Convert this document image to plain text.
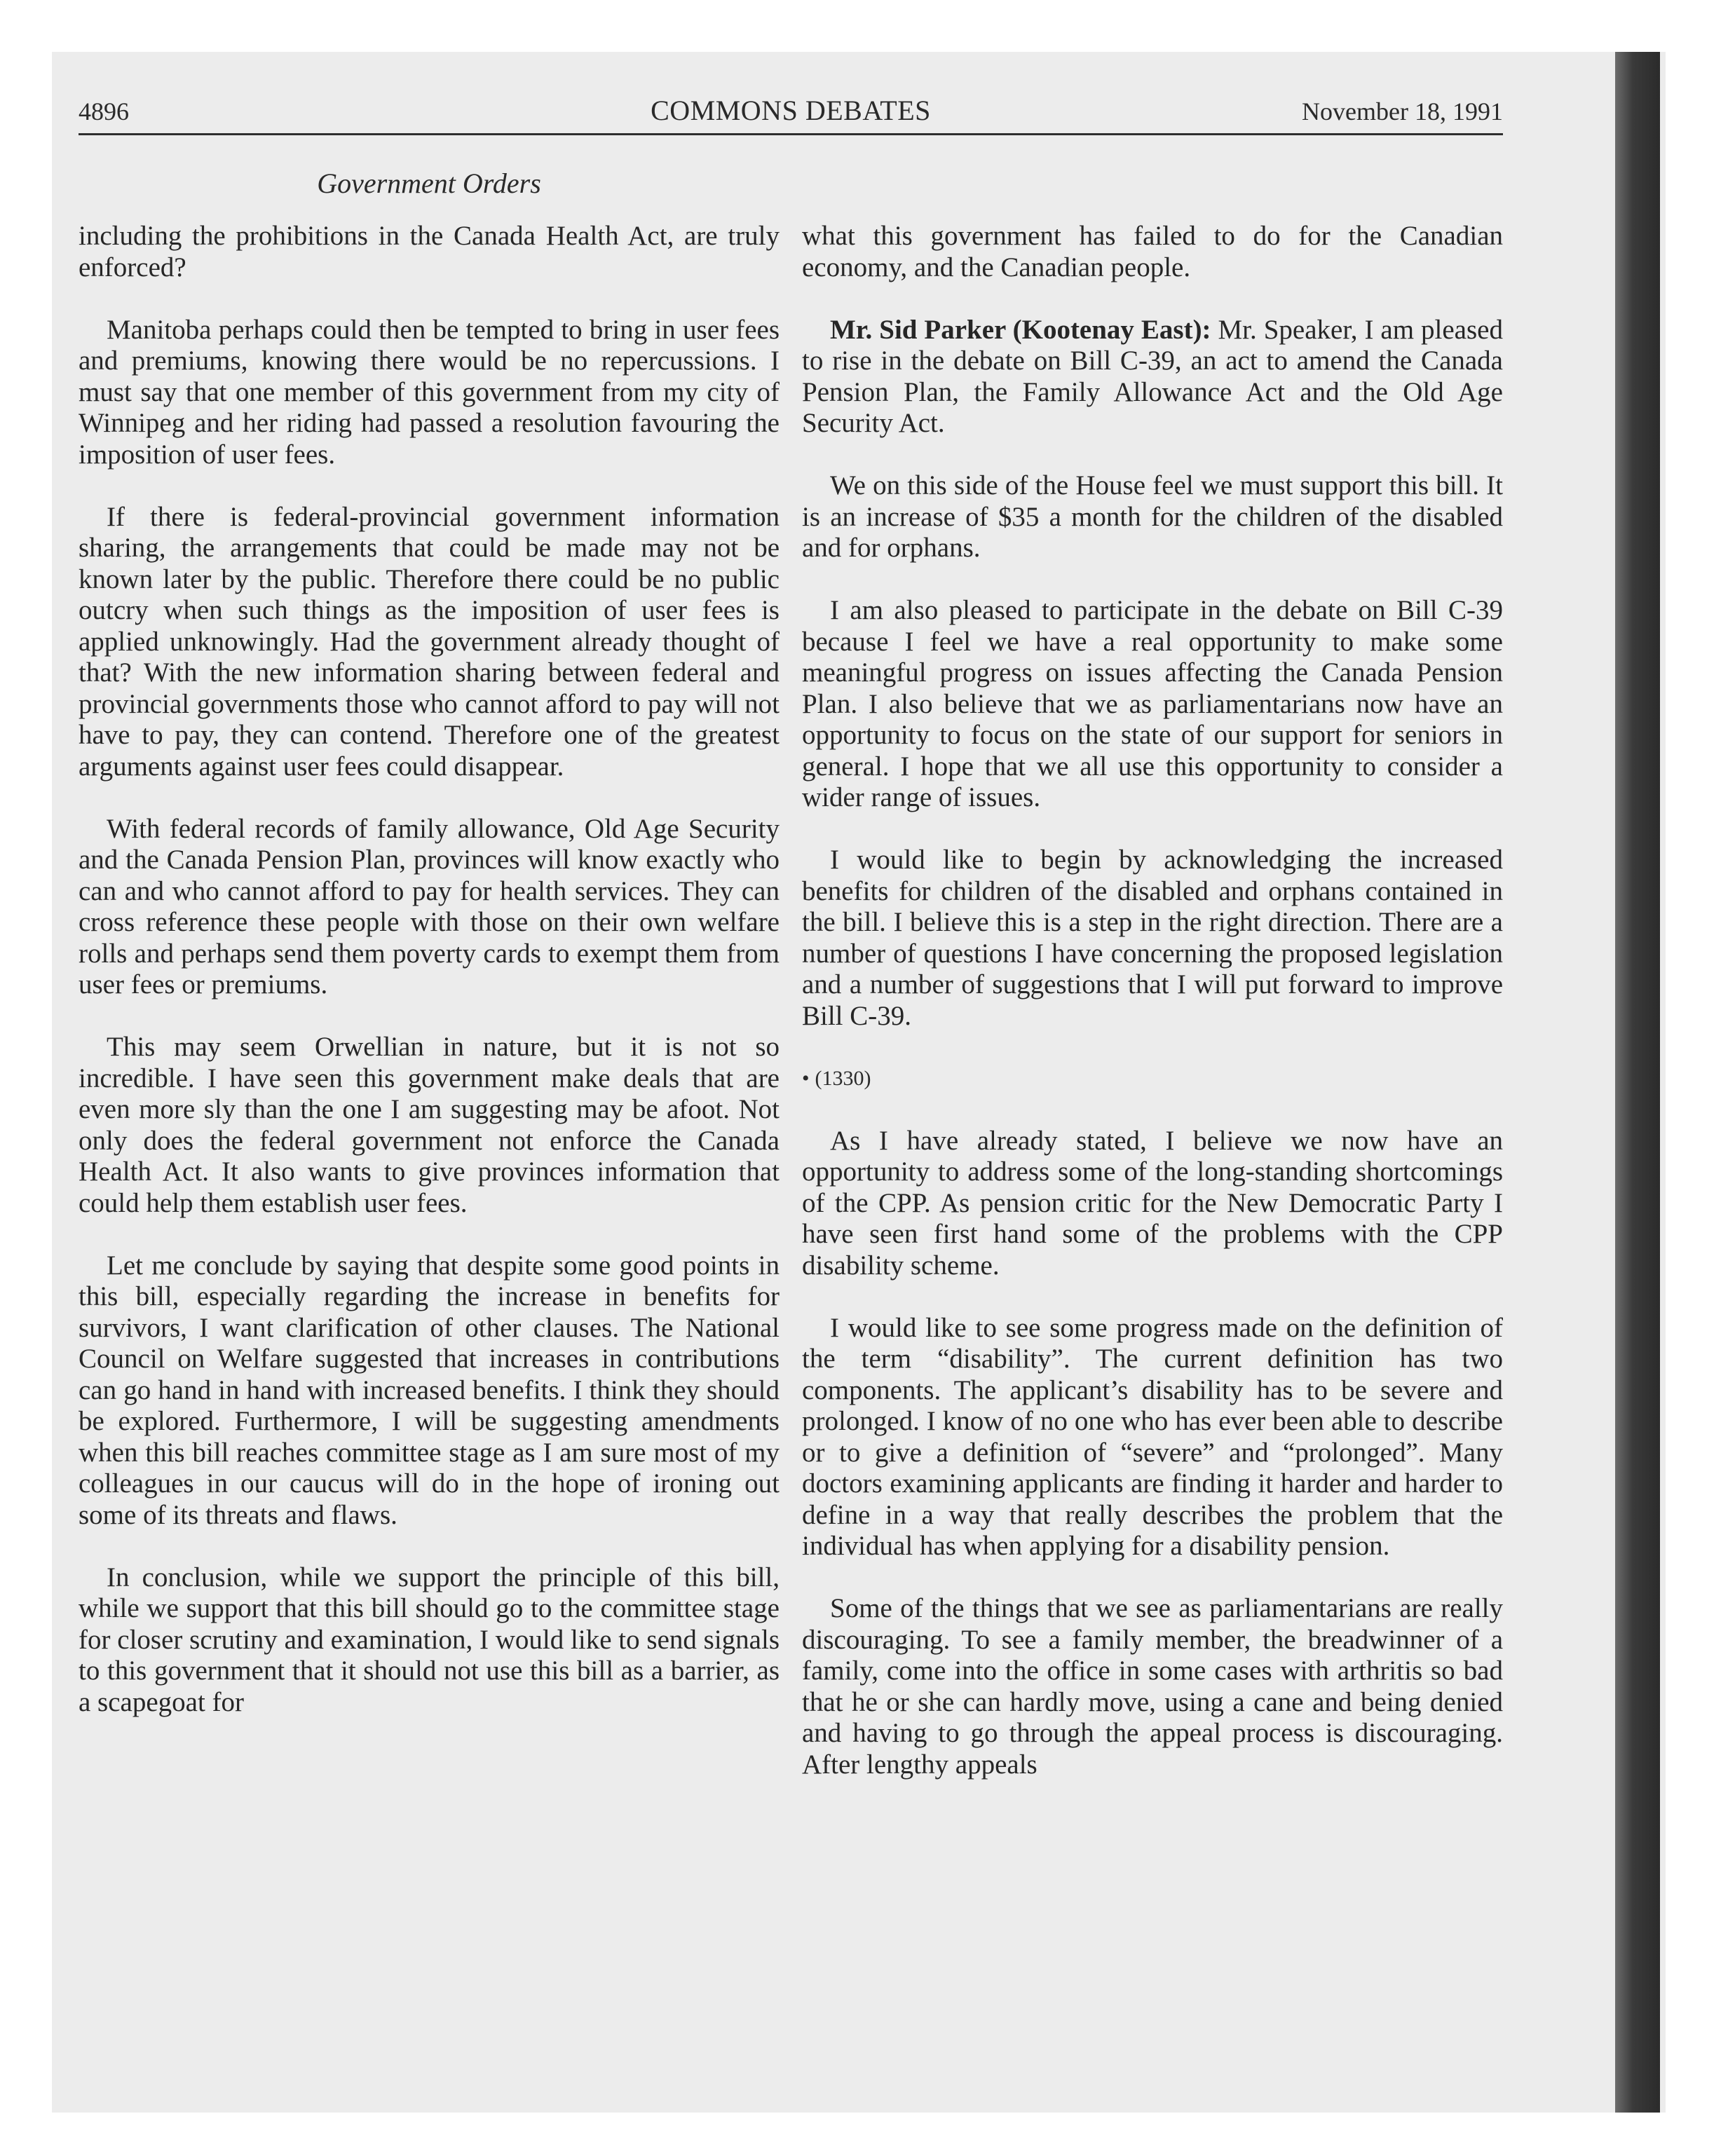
4896	COMMONS DEBATES	November 18, 1991
Government Orders

including the prohibitions in the Canada Health Act, are truly enforced?

Manitoba perhaps could then be tempted to bring in user fees and premiums, knowing there would be no repercussions. I must say that one member of this government from my city of Winnipeg and her riding had passed a resolution favouring the imposition of user fees.

If there is federal-provincial government information sharing, the arrangements that could be made may not be known later by the public. Therefore there could be no public outcry when such things as the imposition of user fees is applied unknowingly. Had the government already thought of that? With the new information sharing between federal and provincial governments those who cannot afford to pay will not have to pay, they can contend. Therefore one of the greatest arguments against user fees could disappear.

With federal records of family allowance, Old Age Security and the Canada Pension Plan, provinces will know exactly who can and who cannot afford to pay for health services. They can cross reference these people with those on their own welfare rolls and perhaps send them poverty cards to exempt them from user fees or premiums.

This may seem Orwellian in nature, but it is not so incredible. I have seen this government make deals that are even more sly than the one I am suggesting may be afoot. Not only does the federal government not enforce the Canada Health Act. It also wants to give provinces information that could help them establish user fees.

Let me conclude by saying that despite some good points in this bill, especially regarding the increase in benefits for survivors, I want clarification of other clauses. The National Council on Welfare suggested that increases in contributions can go hand in hand with increased benefits. I think they should be explored. Furthermore, I will be suggesting amendments when this bill reaches committee stage as I am sure most of my colleagues in our caucus will do in the hope of ironing out some of its threats and flaws.

In conclusion, while we support the principle of this bill, while we support that this bill should go to the committee stage for closer scrutiny and examination, I would like to send signals to this government that it should not use this bill as a barrier, as a scapegoat for

what this government has failed to do for the Canadian economy, and the Canadian people.

Mr. Sid Parker (Kootenay East): Mr. Speaker, I am pleased to rise in the debate on Bill C-39, an act to amend the Canada Pension Plan, the Family Allowance Act and the Old Age Security Act.

We on this side of the House feel we must support this bill. It is an increase of $35 a month for the children of the disabled and for orphans.

I am also pleased to participate in the debate on Bill C-39 because I feel we have a real opportunity to make some meaningful progress on issues affecting the Canada Pension Plan. I also believe that we as parliamentarians now have an opportunity to focus on the state of our support for seniors in general. I hope that we all use this opportunity to consider a wider range of issues.

I would like to begin by acknowledging the increased benefits for children of the disabled and orphans contained in the bill. I believe this is a step in the right direction. There are a number of questions I have concerning the proposed legislation and a number of suggestions that I will put forward to improve Bill C-39.

• (1330)

As I have already stated, I believe we now have an opportunity to address some of the long-standing shortcomings of the CPP. As pension critic for the New Democratic Party I have seen first hand some of the problems with the CPP disability scheme.

I would like to see some progress made on the definition of the term “disability”. The current definition has two components. The applicant’s disability has to be severe and prolonged. I know of no one who has ever been able to describe or to give a definition of “severe” and “prolonged”. Many doctors examining applicants are finding it harder and harder to define in a way that really describes the problem that the individual has when applying for a disability pension.

Some of the things that we see as parliamentarians are really discouraging. To see a family member, the breadwinner of a family, come into the office in some cases with arthritis so bad that he or she can hardly move, using a cane and being denied and having to go through the appeal process is discouraging. After lengthy appeals
